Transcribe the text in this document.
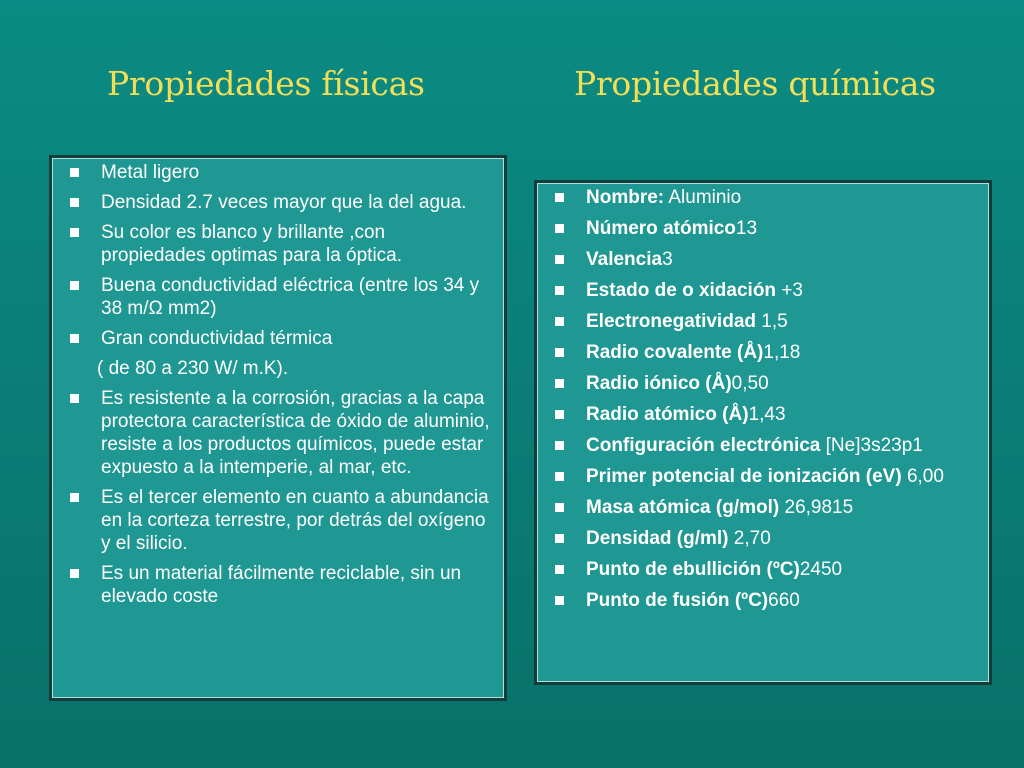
Propiedades físicas	Propiedades químicas
Metal ligero
Densidad 2.7 veces mayor que la del agua.
Su color es blanco y brillante ,con propiedades optimas para la óptica.
Buena conductividad eléctrica (entre los 34 y 38 m/Ω mm2)
Gran conductividad térmica
( de 80 a 230 W/ m.K).
Es resistente a la corrosión, gracias a la capa protectora característica de óxido de aluminio, resiste a los productos químicos, puede estar expuesto a la intemperie, al mar, etc.
Es el tercer elemento en cuanto a abundancia en la corteza terrestre, por detrás del oxígeno y el silicio.
Es un material fácilmente reciclable, sin un elevado coste
Nombre: Aluminio
Número atómico13
Valencia3
Estado de o xidación +3
Electronegatividad 1,5
Radio covalente (Å)1,18
Radio iónico (Å)0,50
Radio atómico (Å)1,43
Configuración electrónica [Ne]3s23p1
Primer potencial de ionización (eV) 6,00
Masa atómica (g/mol) 26,9815
Densidad (g/ml) 2,70
Punto de ebullición (ºC)2450
Punto de fusión (ºC)660
